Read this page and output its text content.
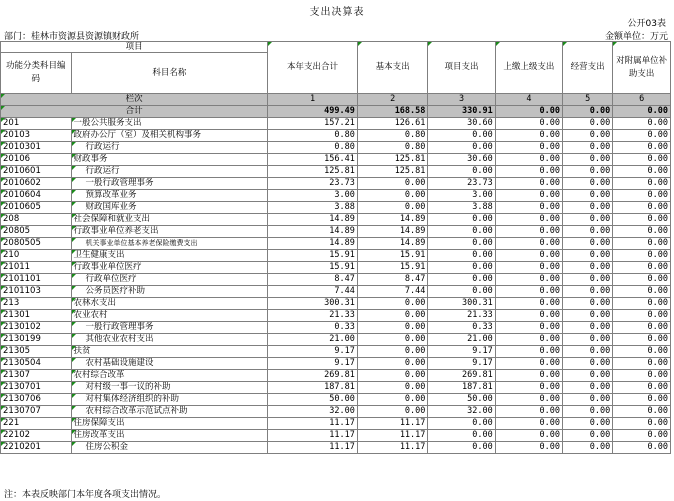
支出决算表
公开03表
部门：桂林市资源县资源镇财政所	金额单位：万元
项目		本年支出合计	基本支出	项目支出	上缴上级支出	经营支出	对附属单位补助支出
功能分类科目编码	科目名称						
栏次		1	2	3	4	5	6
合计		499.49	168.58	330.91	0.00	0.00	0.00
201	一般公共服务支出	157.21	126.61	30.60	0.00	0.00	0.00
20103	政府办公厅（室）及相关机构事务	0.80	0.80	0.00	0.00	0.00	0.00
2010301	行政运行	0.80	0.80	0.00	0.00	0.00	0.00
20106	财政事务	156.41	125.81	30.60	0.00	0.00	0.00
2010601	行政运行	125.81	125.81	0.00	0.00	0.00	0.00
2010602	一般行政管理事务	23.73	0.00	23.73	0.00	0.00	0.00
2010604	预算改革业务	3.00	0.00	3.00	0.00	0.00	0.00
2010605	财政国库业务	3.88	0.00	3.88	0.00	0.00	0.00
208	社会保障和就业支出	14.89	14.89	0.00	0.00	0.00	0.00
20805	行政事业单位养老支出	14.89	14.89	0.00	0.00	0.00	0.00
2080505	机关事业单位基本养老保险缴费支出	14.89	14.89	0.00	0.00	0.00	0.00
210	卫生健康支出	15.91	15.91	0.00	0.00	0.00	0.00
21011	行政事业单位医疗	15.91	15.91	0.00	0.00	0.00	0.00
2101101	行政单位医疗	8.47	8.47	0.00	0.00	0.00	0.00
2101103	公务员医疗补助	7.44	7.44	0.00	0.00	0.00	0.00
213	农林水支出	300.31	0.00	300.31	0.00	0.00	0.00
21301	农业农村	21.33	0.00	21.33	0.00	0.00	0.00
2130102	一般行政管理事务	0.33	0.00	0.33	0.00	0.00	0.00
2130199	其他农业农村支出	21.00	0.00	21.00	0.00	0.00	0.00
21305	扶贫	9.17	0.00	9.17	0.00	0.00	0.00
2130504	农村基础设施建设	9.17	0.00	9.17	0.00	0.00	0.00
21307	农村综合改革	269.81	0.00	269.81	0.00	0.00	0.00
2130701	对村级一事一议的补助	187.81	0.00	187.81	0.00	0.00	0.00
2130706	对村集体经济组织的补助	50.00	0.00	50.00	0.00	0.00	0.00
2130707	农村综合改革示范试点补助	32.00	0.00	32.00	0.00	0.00	0.00
221	住房保障支出	11.17	11.17	0.00	0.00	0.00	0.00
22102	住房改革支出	11.17	11.17	0.00	0.00	0.00	0.00
2210201	住房公积金	11.17	11.17	0.00	0.00	0.00	0.00
注：本表反映部门本年度各项支出情况。
